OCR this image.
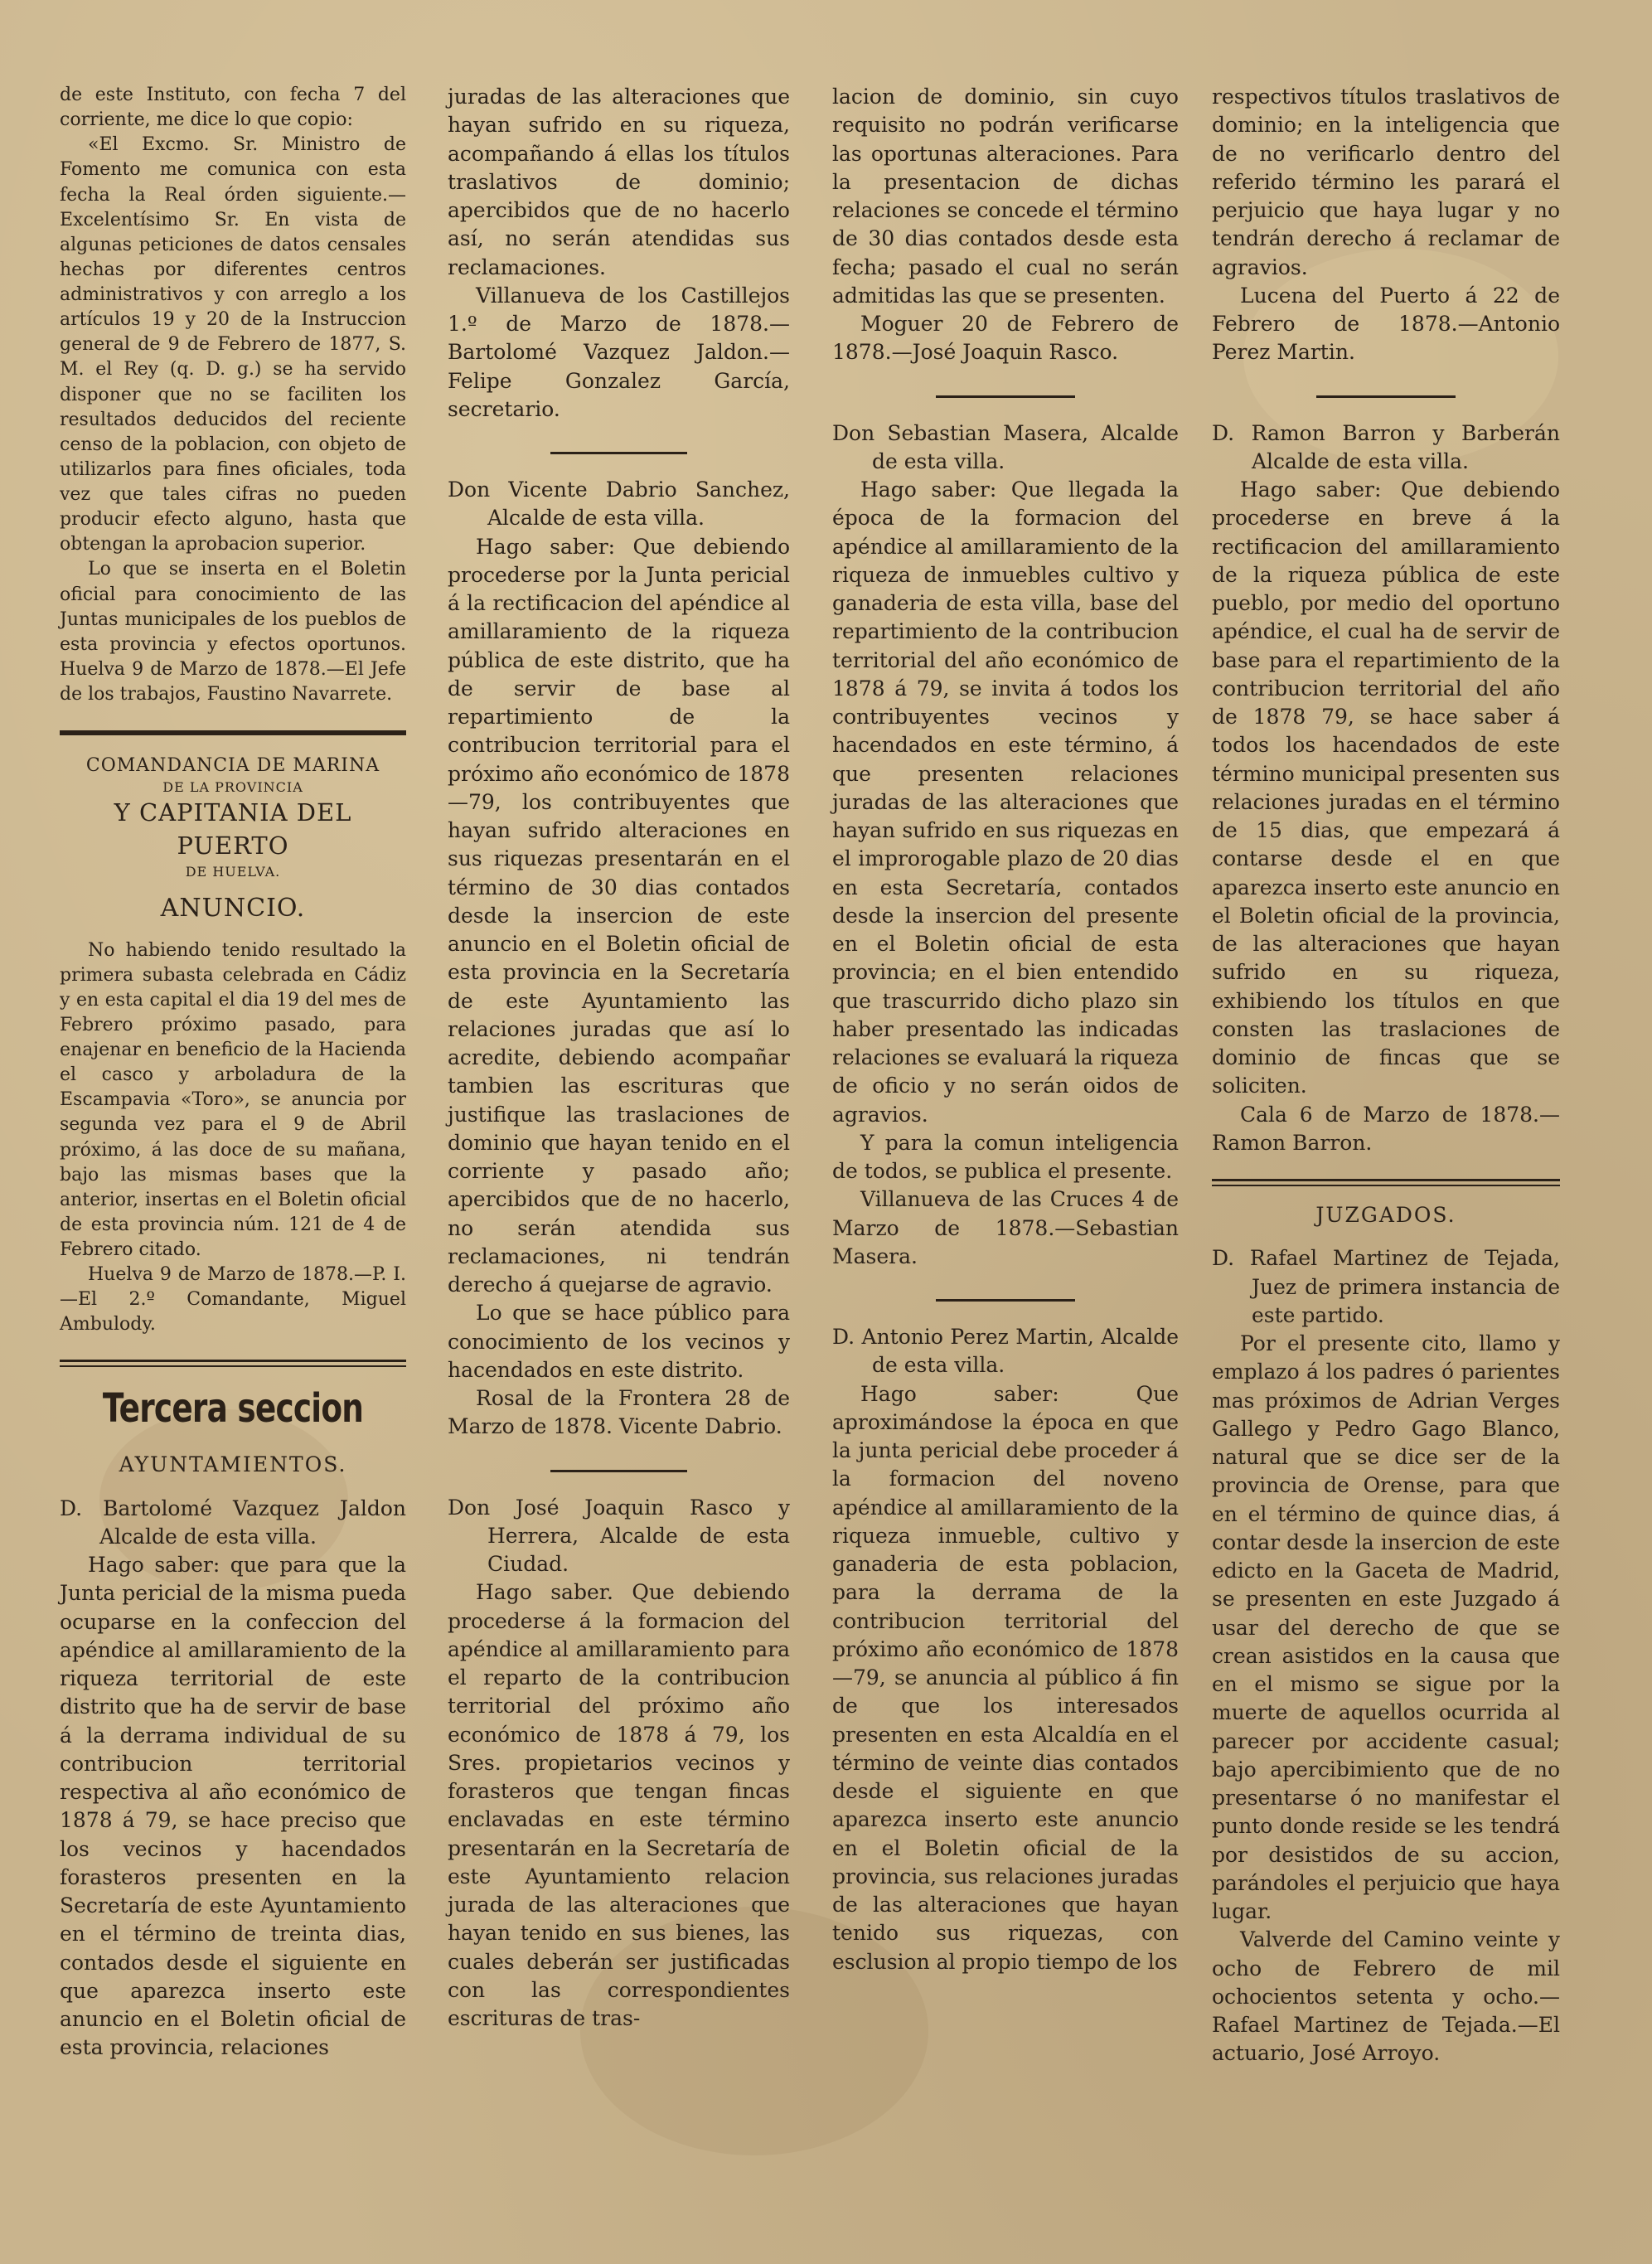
de este Instituto, con fecha 7 del corriente, me dice lo que copio:

«El Excmo. Sr. Ministro de Fomento me comunica con esta fecha la Real órden siguiente.—Excelentísimo Sr. En vista de algunas peticiones de datos censales hechas por diferentes centros administrativos y con arreglo a los artículos 19 y 20 de la Instruccion general de 9 de Febrero de 1877, S. M. el Rey (q. D. g.) se ha servido disponer que no se faciliten los resultados deducidos del reciente censo de la poblacion, con objeto de utilizarlos para fines oficiales, toda vez que tales cifras no pueden producir efecto alguno, hasta que obtengan la aprobacion superior.

Lo que se inserta en el Boletin oficial para conocimiento de las Juntas municipales de los pueblos de esta provincia y efectos oportunos. Huelva 9 de Marzo de 1878.—El Jefe de los trabajos, Faustino Navarrete.

COMANDANCIA DE MARINA
DE LA PROVINCIA
Y CAPITANIA DEL PUERTO
DE HUELVA.
ANUNCIO.

No habiendo tenido resultado la primera subasta celebrada en Cádiz y en esta capital el dia 19 del mes de Febrero próximo pasado, para enajenar en beneficio de la Hacienda el casco y arboladura de la Escampavia «Toro», se anuncia por segunda vez para el 9 de Abril próximo, á las doce de su mañana, bajo las mismas bases que la anterior, insertas en el Boletin oficial de esta provincia núm. 121 de 4 de Febrero citado.

Huelva 9 de Marzo de 1878.—P. I.—El 2.º Comandante, Miguel Ambulody.

Tercera seccion
AYUNTAMIENTOS.

D. Bartolomé Vazquez Jaldon Alcalde de esta villa.

Hago saber: que para que la Junta pericial de la misma pueda ocuparse en la confeccion del apéndice al amillaramiento de la riqueza territorial de este distrito que ha de servir de base á la derrama individual de su contribucion territorial respectiva al año económico de 1878 á 79, se hace preciso que los vecinos y hacendados forasteros presenten en la Secretaría de este Ayuntamiento en el término de treinta dias, contados desde el siguiente en que aparezca inserto este anuncio en el Boletin oficial de esta provincia, relaciones

juradas de las alteraciones que hayan sufrido en su riqueza, acompañando á ellas los títulos traslativos de dominio; apercibidos que de no hacerlo así, no serán atendidas sus reclamaciones.

Villanueva de los Castillejos 1.º de Marzo de 1878.—Bartolomé Vazquez Jaldon.—Felipe Gonzalez García, secretario.

Don Vicente Dabrio Sanchez, Alcalde de esta villa.

Hago saber: Que debiendo procederse por la Junta pericial á la rectificacion del apéndice al amillaramiento de la riqueza pública de este distrito, que ha de servir de base al repartimiento de la contribucion territorial para el próximo año económico de 1878—79, los contribuyentes que hayan sufrido alteraciones en sus riquezas presentarán en el término de 30 dias contados desde la insercion de este anuncio en el Boletin oficial de esta provincia en la Secretaría de este Ayuntamiento las relaciones juradas que así lo acredite, debiendo acompañar tambien las escrituras que justifique las traslaciones de dominio que hayan tenido en el corriente y pasado año; apercibidos que de no hacerlo, no serán atendida sus reclamaciones, ni tendrán derecho á quejarse de agravio.

Lo que se hace público para conocimiento de los vecinos y hacendados en este distrito.

Rosal de la Frontera 28 de Marzo de 1878. Vicente Dabrio.

Don José Joaquin Rasco y Herrera, Alcalde de esta Ciudad.

Hago saber. Que debiendo procederse á la formacion del apéndice al amillaramiento para el reparto de la contribucion territorial del próximo año económico de 1878 á 79, los Sres. propietarios vecinos y forasteros que tengan fincas enclavadas en este término presentarán en la Secretaría de este Ayuntamiento relacion jurada de las alteraciones que hayan tenido en sus bienes, las cuales deberán ser justificadas con las correspondientes escrituras de tras-

lacion de dominio, sin cuyo requisito no podrán verificarse las oportunas alteraciones. Para la presentacion de dichas relaciones se concede el término de 30 dias contados desde esta fecha; pasado el cual no serán admitidas las que se presenten.

Moguer 20 de Febrero de 1878.—José Joaquin Rasco.

Don Sebastian Masera, Alcalde de esta villa.

Hago saber: Que llegada la época de la formacion del apéndice al amillaramiento de la riqueza de inmuebles cultivo y ganaderia de esta villa, base del repartimiento de la contribucion territorial del año económico de 1878 á 79, se invita á todos los contribuyentes vecinos y hacendados en este término, á que presenten relaciones juradas de las alteraciones que hayan sufrido en sus riquezas en el improrogable plazo de 20 dias en esta Secretaría, contados desde la insercion del presente en el Boletin oficial de esta provincia; en el bien entendido que trascurrido dicho plazo sin haber presentado las indicadas relaciones se evaluará la riqueza de oficio y no serán oidos de agravios.

Y para la comun inteligencia de todos, se publica el presente.

Villanueva de las Cruces 4 de Marzo de 1878.—Sebastian Masera.

D. Antonio Perez Martin, Alcalde de esta villa.

Hago saber: Que aproximándose la época en que la junta pericial debe proceder á la formacion del noveno apéndice al amillaramiento de la riqueza inmueble, cultivo y ganaderia de esta poblacion, para la derrama de la contribucion territorial del próximo año económico de 1878—79, se anuncia al público á fin de que los interesados presenten en esta Alcaldía en el término de veinte dias contados desde el siguiente en que aparezca inserto este anuncio en el Boletin oficial de la provincia, sus relaciones juradas de las alteraciones que hayan tenido sus riquezas, con esclusion al propio tiempo de los

respectivos títulos traslativos de dominio; en la inteligencia que de no verificarlo dentro del referido término les parará el perjuicio que haya lugar y no tendrán derecho á reclamar de agravios.

Lucena del Puerto á 22 de Febrero de 1878.—Antonio Perez Martin.

D. Ramon Barron y Barberán Alcalde de esta villa.

Hago saber: Que debiendo procederse en breve á la rectificacion del amillaramiento de la riqueza pública de este pueblo, por medio del oportuno apéndice, el cual ha de servir de base para el repartimiento de la contribucion territorial del año de 1878 79, se hace saber á todos los hacendados de este término municipal presenten sus relaciones juradas en el término de 15 dias, que empezará á contarse desde el en que aparezca inserto este anuncio en el Boletin oficial de la provincia, de las alteraciones que hayan sufrido en su riqueza, exhibiendo los títulos en que consten las traslaciones de dominio de fincas que se soliciten.

Cala 6 de Marzo de 1878.—Ramon Barron.

JUZGADOS.

D. Rafael Martinez de Tejada, Juez de primera instancia de este partido.

Por el presente cito, llamo y emplazo á los padres ó parientes mas próximos de Adrian Verges Gallego y Pedro Gago Blanco, natural que se dice ser de la provincia de Orense, para que en el término de quince dias, á contar desde la insercion de este edicto en la Gaceta de Madrid, se presenten en este Juzgado á usar del derecho de que se crean asistidos en la causa que en el mismo se sigue por la muerte de aquellos ocurrida al parecer por accidente casual; bajo apercibimiento que de no presentarse ó no manifestar el punto donde reside se les tendrá por desistidos de su accion, parándoles el perjuicio que haya lugar.

Valverde del Camino veinte y ocho de Febrero de mil ochocientos setenta y ocho.—Rafael Martinez de Tejada.—El actuario, José Arroyo.
